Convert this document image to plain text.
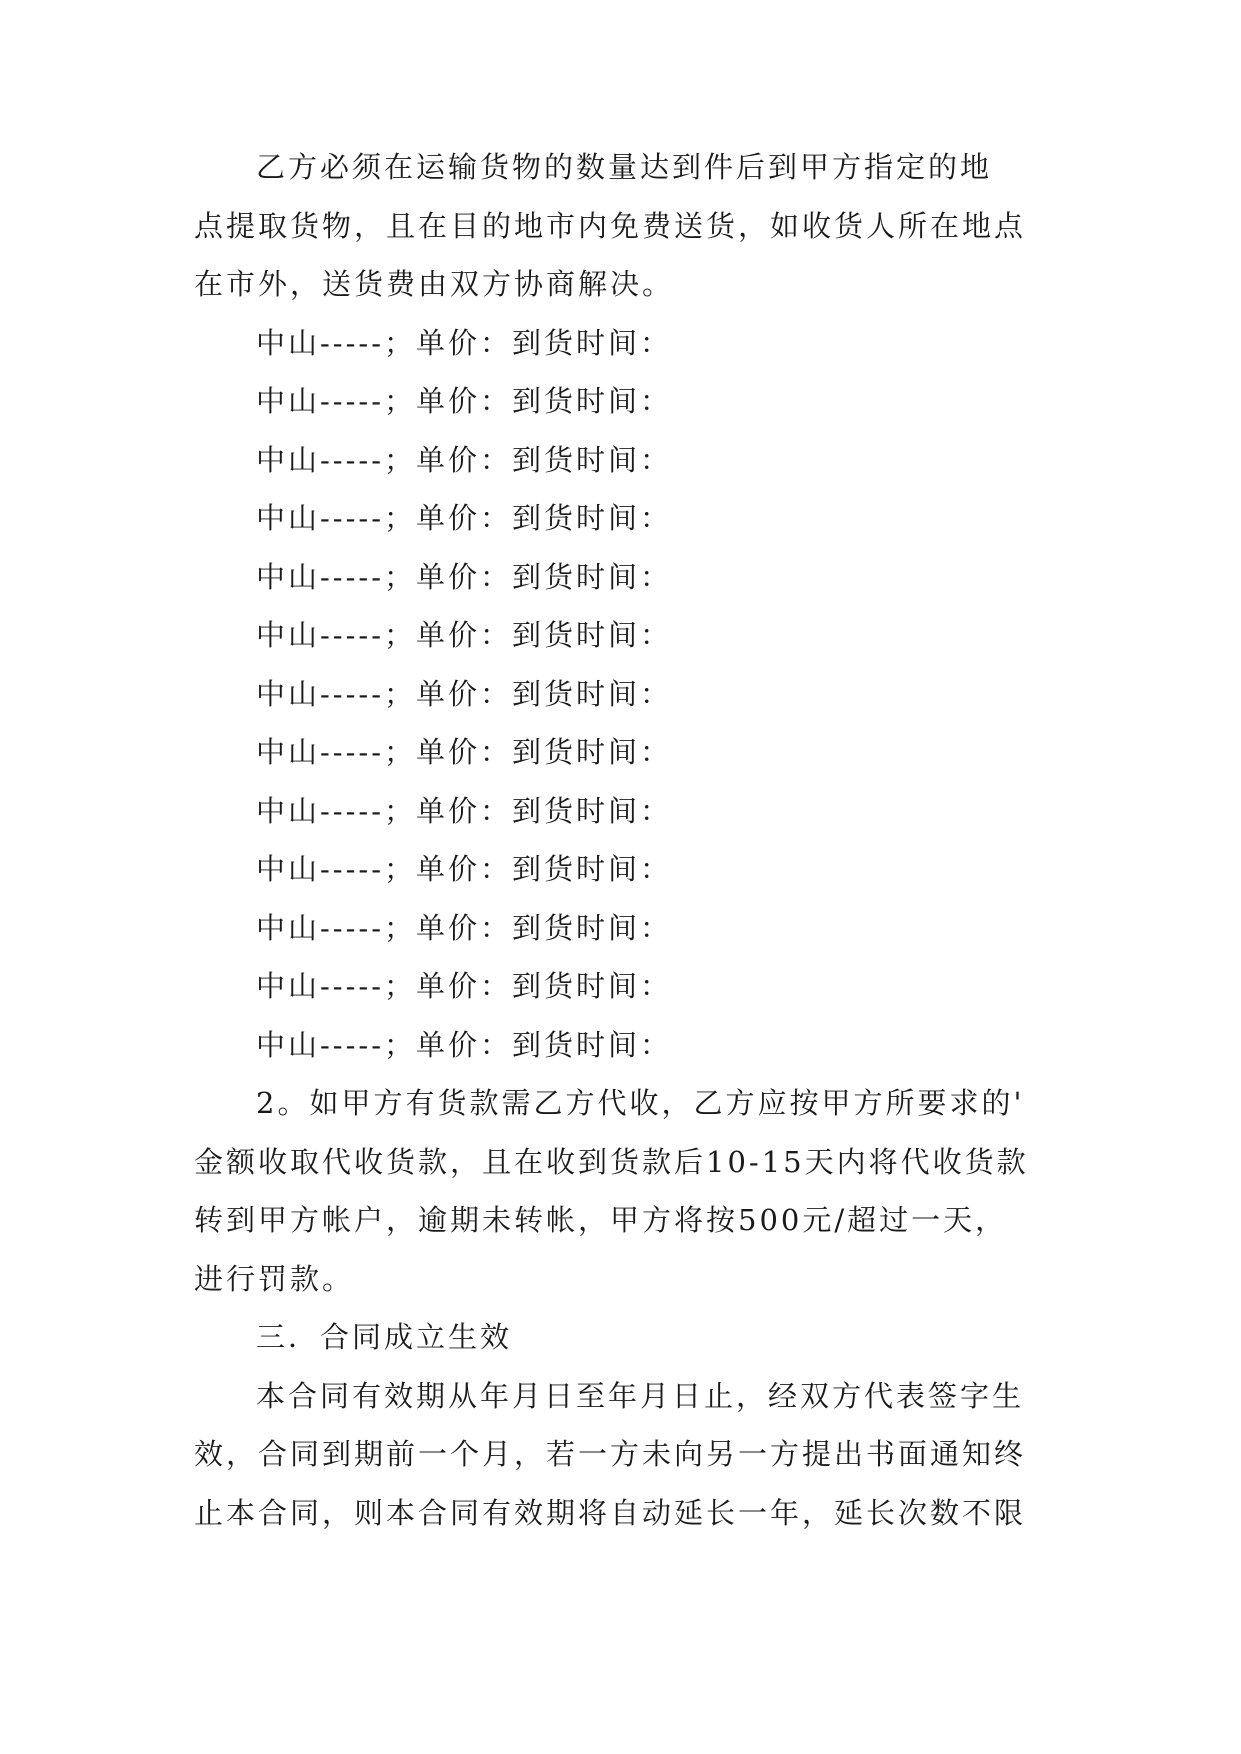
乙方必须在运输货物的数量达到件后到甲方指定的地
点提取货物，且在目的地市内免费送货，如收货人所在地点
在市外，送货费由双方协商解决。
中山-----；单价：到货时间：
中山-----；单价：到货时间：
中山-----；单价：到货时间：
中山-----；单价：到货时间：
中山-----；单价：到货时间：
中山-----；单价：到货时间：
中山-----；单价：到货时间：
中山-----；单价：到货时间：
中山-----；单价：到货时间：
中山-----；单价：到货时间：
中山-----；单价：到货时间：
中山-----；单价：到货时间：
中山-----；单价：到货时间：
2。如甲方有货款需乙方代收，乙方应按甲方所要求的'
金额收取代收货款，且在收到货款后10-15天内将代收货款
转到甲方帐户，逾期未转帐，甲方将按500元/超过一天，
进行罚款。
三．合同成立生效
本合同有效期从年月日至年月日止，经双方代表签字生
效，合同到期前一个月，若一方未向另一方提出书面通知终
止本合同，则本合同有效期将自动延长一年，延长次数不限
